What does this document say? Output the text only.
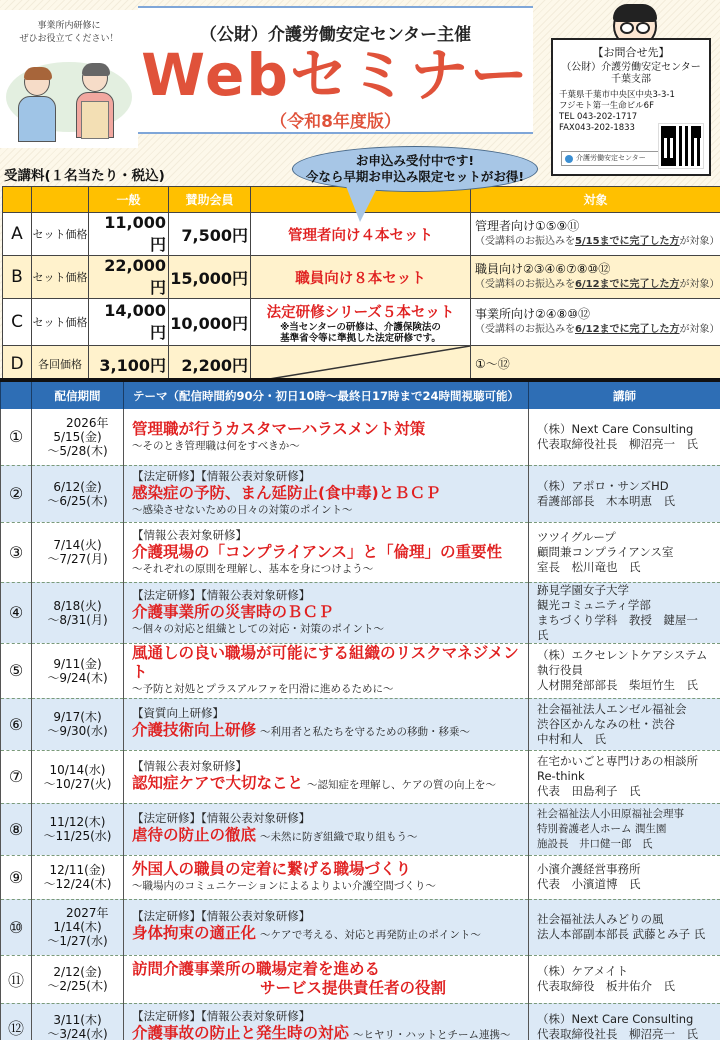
事業所内研修に
ぜひお役立てください！	（公財）介護労働安定センター主催
Webセミナー
（令和8年度版）
【お問合せ先】
（公財）介護労働安定センター
千葉支部
千葉県千葉市中央区中央3-3-1
フジモト第一生命ビル6F
TEL 043-202-1717
FAX043-202-1833
介護労働安定センター
受講料(１名当たり・税込)
お申込み受付中です!
今なら早期お申込み限定セットがお得!
		一般	賛助会員		対象
A	セット価格	11,000円	7,500円	管理者向け４本セット	管理者向け①⑤⑨⑪
（受講料のお振込みを5/15までに完了した方が対象）

B	セット価格	22,000円	15,000円	職員向け８本セット	職員向け②③④⑥⑦⑧⑩⑫
（受講料のお振込みを6/12までに完了した方が対象）

C	セット価格	14,000円	10,000円	
法定研修シリーズ５本セット
※当センターの研修は、介護保険法の
基準省令等に準拠した法定研修です。

事業所向け②④⑧⑩⑫
（受講料のお振込みを6/12までに完了した方が対象）

D	各回価格	3,100円	2,200円		①～⑫
	配信期間	テーマ（配信時間約90分・初日10時～最終日17時まで24時間視聴可能）	講師
①	
2026年
5/15(金)
～5/28(木)

管理職が行うカスタマーハラスメント対策
～そのとき管理職は何をすべきか～

（株）Next Care Consulting
代表取締役社長　柳沼亮一　氏

②	6/12(金)
～6/25(木)

【法定研修】【情報公表対象研修】
感染症の予防、まん延防止(食中毒)とＢＣＰ
～感染させないための日々の対策のポイント～

（株）アポロ・サンズHD
看護部部長　木本明恵　氏

③	7/14(火)
～7/27(月)

【情報公表対象研修】
介護現場の「コンプライアンス」と「倫理」の重要性
～それぞれの原則を理解し、基本を身につけよう～

ツツイグループ
顧問兼コンプライアンス室
室長　松川竜也　氏

④	8/18(火)
～8/31(月)

【法定研修】【情報公表対象研修】
介護事業所の災害時のＢＣＰ
～個々の対応と組織としての対応・対策のポイント～

跡見学園女子大学
観光コミュニティ学部
まちづくり学科　教授　鍵屋一　氏

⑤	9/11(金)
～9/24(木)

風通しの良い職場が可能にする組織のリスクマネジメント
～予防と対処とプラスアルファを円滑に進めるために～

（株）エクセレントケアシステム
執行役員
人材開発部部長　柴垣竹生　氏

⑥	9/17(木)
～9/30(水)

【資質向上研修】
介護技術向上研修 ～利用者と私たちを守るための移動・移乗～

社会福祉法人エンゼル福祉会
渋谷区かんなみの杜・渋谷
中村和人　氏

⑦	10/14(水)
～10/27(火)

【情報公表対象研修】
認知症ケアで大切なこと ～認知症を理解し、ケアの質の向上を～

在宅かいごと専門けあの相談所
Re-think
代表　田島利子　氏

⑧	11/12(木)
～11/25(水)

【法定研修】【情報公表対象研修】
虐待の防止の徹底 ～未然に防ぎ組織で取り組もう～

社会福祉法人小田原福祉会理事
特別養護老人ホーム 潤生園
施設長　井口健一郎　氏

⑨	12/11(金)
～12/24(木)

外国人の職員の定着に繋げる職場づくり
～職場内のコミュニケーションによるよりよい介護空間づくり～

小濱介護経営事務所
代表　小濱道博　氏

⑩	
2027年
1/14(木)
～1/27(水)

【法定研修】【情報公表対象研修】
身体拘束の適正化 ～ケアで考える、対応と再発防止のポイント～

社会福祉法人みどりの風
法人本部副本部長 武藤とみ子 氏

⑪	2/12(金)
～2/25(木)

訪問介護事業所の職場定着を進める
サービス提供責任者の役割

（株）ケアメイト
代表取締役　板井佑介　氏

⑫	3/11(木)
～3/24(水)

【法定研修】【情報公表対象研修】
介護事故の防止と発生時の対応 ～ヒヤリ・ハットとチーム連携～

（株）Next Care Consulting
代表取締役社長　柳沼亮一　氏
